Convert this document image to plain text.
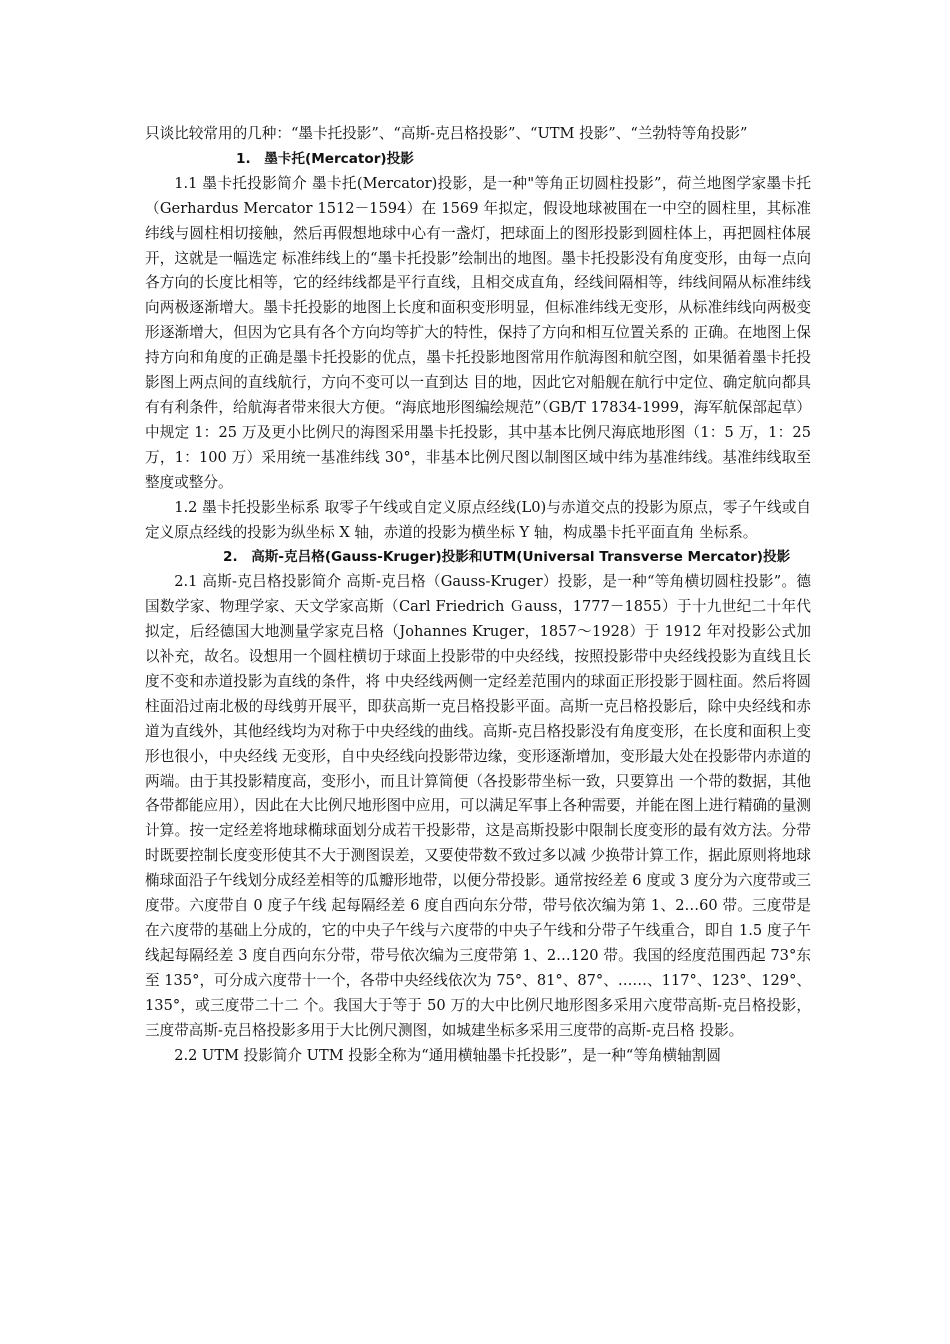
只谈比较常用的几种：“墨卡托投影”、“高斯-克吕格投影”、“UTM 投影”、“兰勃特等角投影”

1.　墨卡托(Mercator)投影

1.1 墨卡托投影简介 墨卡托(Mercator)投影，是一种"等角正切圆柱投影”，荷兰地图学家墨卡托（Gerhardus Mercator 1512－1594）在 1569 年拟定，假设地球被围在一中空的圆柱里，其标准纬线与圆柱相切接触，然后再假想地球中心有一盏灯，把球面上的图形投影到圆柱体上，再把圆柱体展开，这就是一幅选定 标准纬线上的“墨卡托投影”绘制出的地图。墨卡托投影没有角度变形，由每一点向各方向的长度比相等，它的经纬线都是平行直线，且相交成直角，经线间隔相等，纬线间隔从标准纬线向两极逐渐增大。墨卡托投影的地图上长度和面积变形明显，但标准纬线无变形，从标准纬线向两极变形逐渐增大，但因为它具有各个方向均等扩大的特性，保持了方向和相互位置关系的 正确。在地图上保持方向和角度的正确是墨卡托投影的优点，墨卡托投影地图常用作航海图和航空图，如果循着墨卡托投影图上两点间的直线航行，方向不变可以一直到达 目的地，因此它对船舰在航行中定位、确定航向都具有有利条件，给航海者带来很大方便。“海底地形图编绘规范”（GB/T 17834-1999，海军航保部起草）中规定 1：25 万及更小比例尺的海图采用墨卡托投影，其中基本比例尺海底地形图（1：5 万，1：25 万，1：100 万）采用统一基准纬线 30°，非基本比例尺图以制图区域中纬为基准纬线。基准纬线取至整度或整分。

1.2 墨卡托投影坐标系 取零子午线或自定义原点经线(L0)与赤道交点的投影为原点，零子午线或自定义原点经线的投影为纵坐标 X 轴，赤道的投影为横坐标 Y 轴，构成墨卡托平面直角 坐标系。

2.　高斯-克吕格(Gauss-Kruger)投影和UTM(Universal Transverse Mercator)投影

2.1 高斯-克吕格投影简介 高斯-克吕格（Gauss-Kruger）投影，是一种“等角横切圆柱投影”。德国数学家、物理学家、天文学家高斯（Carl Friedrich Ｇauss，1777－1855）于十九世纪二十年代拟定，后经德国大地测量学家克吕格（Johannes Kruger，1857～1928）于 1912 年对投影公式加以补充，故名。设想用一个圆柱横切于球面上投影带的中央经线，按照投影带中央经线投影为直线且长度不变和赤道投影为直线的条件，将 中央经线两侧一定经差范围内的球面正形投影于圆柱面。然后将圆柱面沿过南北极的母线剪开展平，即获高斯一克吕格投影平面。高斯一克吕格投影后，除中央经线和赤道为直线外，其他经线均为对称于中央经线的曲线。高斯-克吕格投影没有角度变形，在长度和面积上变形也很小，中央经线 无变形，自中央经线向投影带边缘，变形逐渐增加，变形最大处在投影带内赤道的两端。由于其投影精度高，变形小，而且计算简便（各投影带坐标一致，只要算出 一个带的数据，其他各带都能应用），因此在大比例尺地形图中应用，可以满足军事上各种需要，并能在图上进行精确的量测计算。按一定经差将地球椭球面划分成若干投影带，这是高斯投影中限制长度变形的最有效方法。分带时既要控制长度变形使其不大于测图误差，又要使带数不致过多以减 少换带计算工作，据此原则将地球椭球面沿子午线划分成经差相等的瓜瓣形地带，以便分带投影。通常按经差 6 度或 3 度分为六度带或三度带。六度带自 0 度子午线 起每隔经差 6 度自西向东分带，带号依次编为第 1、2…60 带。三度带是在六度带的基础上分成的，它的中央子午线与六度带的中央子午线和分带子午线重合，即自 1.5 度子午线起每隔经差 3 度自西向东分带，带号依次编为三度带第 1、2…120 带。我国的经度范围西起 73°东至 135°，可分成六度带十一个，各带中央经线依次为 75°、81°、87°、……、117°、123°、129°、135°，或三度带二十二 个。我国大于等于 50 万的大中比例尺地形图多采用六度带高斯-克吕格投影，三度带高斯-克吕格投影多用于大比例尺测图，如城建坐标多采用三度带的高斯-克吕格 投影。

2.2 UTM 投影简介 UTM 投影全称为“通用横轴墨卡托投影”，是一种“等角横轴割圆
